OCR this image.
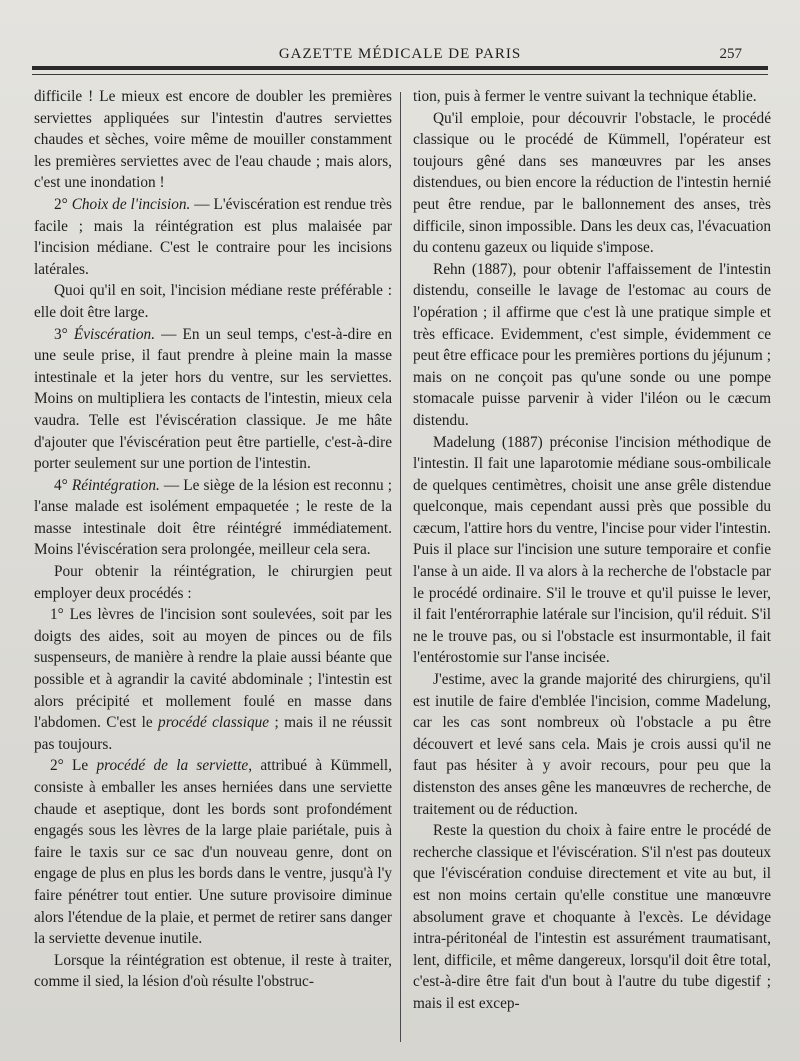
GAZETTE MÉDICALE DE PARIS	257

difficile ! Le mieux est encore de doubler les premières serviettes appliquées sur l'intestin d'autres serviettes chaudes et sèches, voire même de mouiller constamment les premières serviettes avec de l'eau chaude ; mais alors, c'est une inondation !

2° Choix de l'incision. — L'éviscération est rendue très facile ; mais la réintégration est plus malaisée par l'incision médiane. C'est le contraire pour les incisions latérales.

Quoi qu'il en soit, l'incision médiane reste préférable : elle doit être large.

3° Éviscération. — En un seul temps, c'est-à-dire en une seule prise, il faut prendre à pleine main la masse intestinale et la jeter hors du ventre, sur les serviettes. Moins on multipliera les contacts de l'intestin, mieux cela vaudra. Telle est l'éviscération classique. Je me hâte d'ajouter que l'éviscération peut être partielle, c'est-à-dire porter seulement sur une portion de l'intestin.

4° Réintégration. — Le siège de la lésion est reconnu ; l'anse malade est isolément empaquetée ; le reste de la masse intestinale doit être réintégré immédiatement. Moins l'éviscération sera prolongée, meilleur cela sera.

Pour obtenir la réintégration, le chirurgien peut employer deux procédés :

1° Les lèvres de l'incision sont soulevées, soit par les doigts des aides, soit au moyen de pinces ou de fils suspenseurs, de manière à rendre la plaie aussi béante que possible et à agrandir la cavité abdominale ; l'intestin est alors précipité et mollement foulé en masse dans l'abdomen. C'est le procédé classique ; mais il ne réussit pas toujours.

2° Le procédé de la serviette, attribué à Kümmell, consiste à emballer les anses herniées dans une serviette chaude et aseptique, dont les bords sont profondément engagés sous les lèvres de la large plaie pariétale, puis à faire le taxis sur ce sac d'un nouveau genre, dont on engage de plus en plus les bords dans le ventre, jusqu'à l'y faire pénétrer tout entier. Une suture provisoire diminue alors l'étendue de la plaie, et permet de retirer sans danger la serviette devenue inutile.

Lorsque la réintégration est obtenue, il reste à traiter, comme il sied, la lésion d'où résulte l'obstruc-

tion, puis à fermer le ventre suivant la technique établie.

Qu'il emploie, pour découvrir l'obstacle, le procédé classique ou le procédé de Kümmell, l'opérateur est toujours gêné dans ses manœuvres par les anses distendues, ou bien encore la réduction de l'intestin hernié peut être rendue, par le ballonnement des anses, très difficile, sinon impossible. Dans les deux cas, l'évacuation du contenu gazeux ou liquide s'impose.

Rehn (1887), pour obtenir l'affaissement de l'intestin distendu, conseille le lavage de l'estomac au cours de l'opération ; il affirme que c'est là une pratique simple et très efficace. Evidemment, c'est simple, évidemment ce peut être efficace pour les premières portions du jéjunum ; mais on ne conçoit pas qu'une sonde ou une pompe stomacale puisse parvenir à vider l'iléon ou le cæcum distendu.

Madelung (1887) préconise l'incision méthodique de l'intestin. Il fait une laparotomie médiane sous-ombilicale de quelques centimètres, choisit une anse grêle distendue quelconque, mais cependant aussi près que possible du cæcum, l'attire hors du ventre, l'incise pour vider l'intestin. Puis il place sur l'incision une suture temporaire et confie l'anse à un aide. Il va alors à la recherche de l'obstacle par le procédé ordinaire. S'il le trouve et qu'il puisse le lever, il fait l'entérorraphie latérale sur l'incision, qu'il réduit. S'il ne le trouve pas, ou si l'obstacle est insurmontable, il fait l'entérostomie sur l'anse incisée.

J'estime, avec la grande majorité des chirurgiens, qu'il est inutile de faire d'emblée l'incision, comme Madelung, car les cas sont nombreux où l'obstacle a pu être découvert et levé sans cela. Mais je crois aussi qu'il ne faut pas hésiter à y avoir recours, pour peu que la distenston des anses gêne les manœuvres de recherche, de traitement ou de réduction.

Reste la question du choix à faire entre le procédé de recherche classique et l'éviscération. S'il n'est pas douteux que l'éviscération conduise directement et vite au but, il est non moins certain qu'elle constitue une manœuvre absolument grave et choquante à l'excès. Le dévidage intra-péritonéal de l'intestin est assurément traumatisant, lent, difficile, et même dangereux, lorsqu'il doit être total, c'est-à-dire être fait d'un bout à l'autre du tube digestif ; mais il est excep-
